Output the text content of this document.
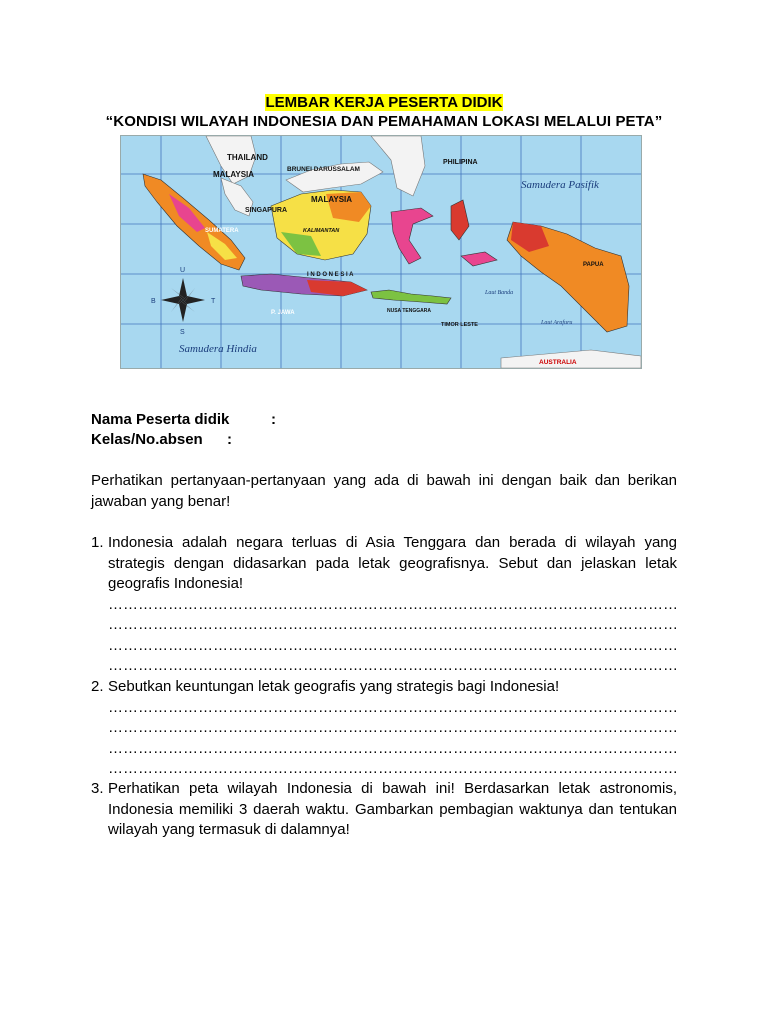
LEMBAR KERJA PESERTA DIDIK
“KONDISI WILAYAH INDONESIA DAN PEMAHAMAN LOKASI MELALUI PETA”
THAILAND
BRUNEI DARUSSALAM
PHILIPINA
MALAYSIA
MALAYSIA
SINGAPURA
SUMATERA	KALIMANTAN
I N D O N E S I A
P. JAWA	NUSA TENGGARA
TIMOR LESTE
PAPUA
AUSTRALIA
Samudera Pasifik
Samudera Hindia
Laut Arafuru
Laut Banda
U
S
B	T
Nama Peserta didik	:
Kelas/No.absen :
Perhatikan pertanyaan-pertanyaan yang ada di bawah ini dengan baik dan berikan jawaban yang benar!
1. Indonesia adalah negara terluas di Asia Tenggara dan berada di wilayah yang strategis dengan didasarkan pada letak geografisnya. Sebut dan jelaskan letak geografis Indonesia!
……………………………………………………………………………………………………
……………………………………………………………………………………………………
……………………………………………………………………………………………………
……………………………………………………………………………………………………
2. Sebutkan keuntungan letak geografis yang strategis bagi Indonesia!
……………………………………………………………………………………………………
……………………………………………………………………………………………………
……………………………………………………………………………………………………
……………………………………………………………………………………………………
3. Perhatikan peta wilayah Indonesia di bawah ini! Berdasarkan letak astronomis, Indonesia memiliki 3 daerah waktu. Gambarkan pembagian waktunya dan tentukan wilayah yang termasuk di dalamnya!
